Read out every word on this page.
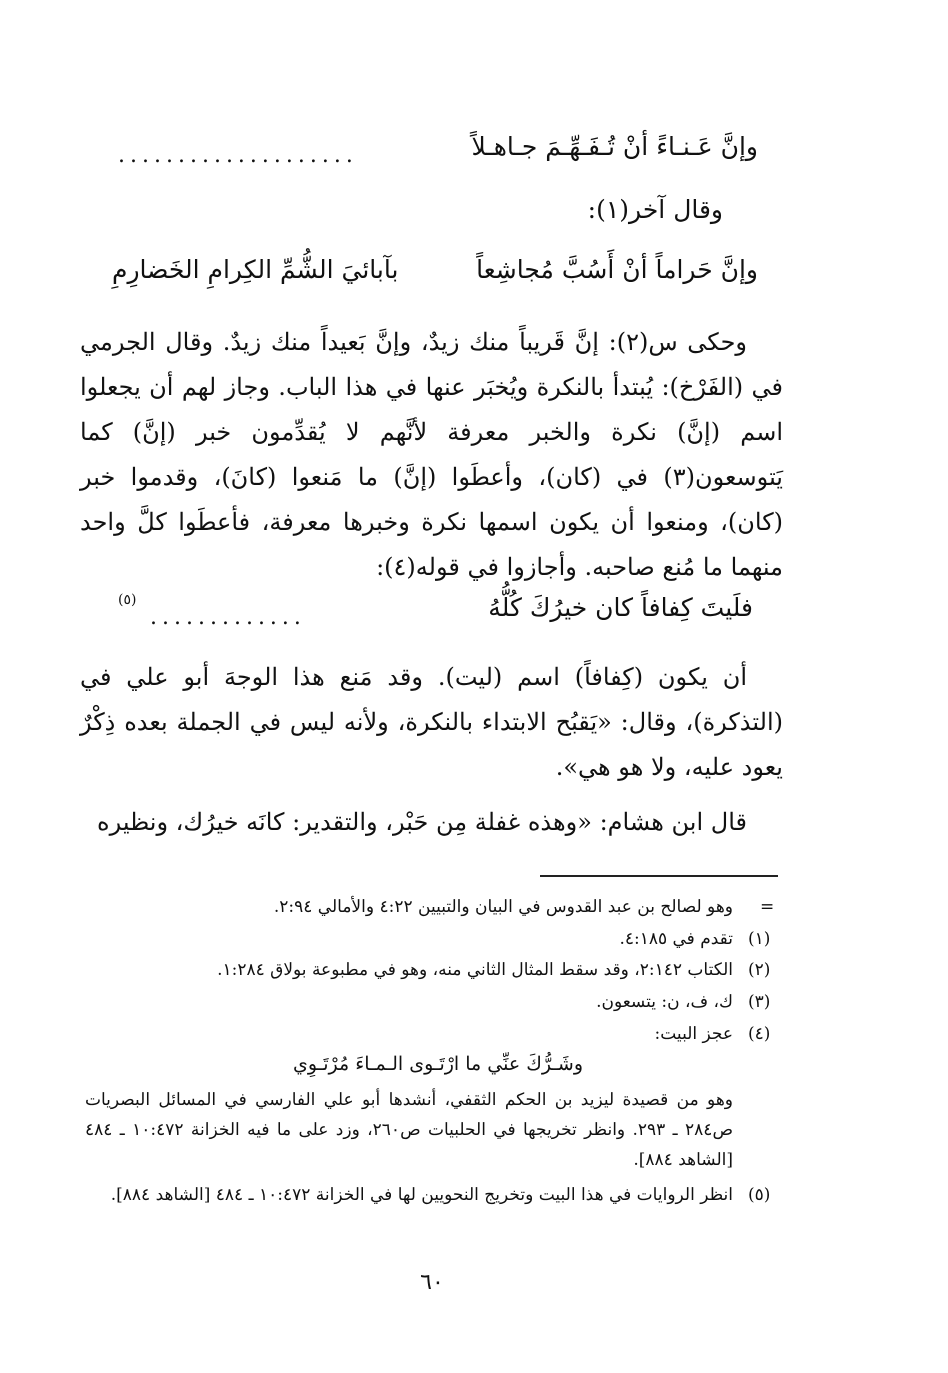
وإنَّ عَـنـاءً أنْ تُـفَـهِّـمَ جـاهـلاً
....................
وقال آخر(١):
وإنَّ حَراماً أنْ أَسُبَّ مُجاشِعاً
بآبائيَ الشُّمِّ الكِرامِ الخَضارِمِ

وحكى س(٢): إنَّ قَريباً منك زيدٌ، وإنَّ بَعيداً منك زيدٌ. وقال الجرمي في (الفَرْخ): يُبتدأ بالنكرة ويُخبَر عنها في هذا الباب. وجاز لهم أن يجعلوا اسم (إنَّ) نكرة والخبر معرفة لأنَّهم لا يُقدِّمون خبر (إنَّ) كما يَتوسعون(٣) في (كان)، وأعطَوا (إنَّ) ما مَنعوا (كانَ)، وقدموا خبر (كان)، ومنعوا أن يكون اسمها نكرة وخبرها معرفة، فأعطَوا كلَّ واحد منهما ما مُنع صاحبه. وأجازوا في قوله(٤):

فلَيتَ كِفافاً كان خيرُكَ كُلُّهُ
.............
(٥)

أن يكون (كِفافاً) اسم (ليت). وقد مَنع هذا الوجهَ أبو علي في (التذكرة)، وقال: «يَقبُح الابتداء بالنكرة، ولأنه ليس في الجملة بعده ذِكْرٌ يعود عليه، ولا هو هي».

قال ابن هشام: «وهذه غفلة مِن حَبْر، والتقدير: كانَه خيرُك، ونظيره

=
وهو لصالح بن عبد القدوس في البيان والتبيين ٤:٢٢ والأمالي ٢:٩٤.
(١)
تقدم في ٤:١٨٥.
(٢)
الكتاب ٢:١٤٢، وقد سقط المثال الثاني منه، وهو في مطبوعة بولاق ١:٢٨٤.
(٣)
ك، ف، ن: يتسعون.
(٤)
عجز البيت:
وشَـرُّكَ عنِّي ما ارْتَـوى الـمـاءَ مُرْتَـوِي

وهو من قصيدة ليزيد بن الحكم الثقفي، أنشدها أبو علي الفارسي في المسائل البصريات ص٢٨٤ ـ ٢٩٣. وانظر تخريجها في الحلبيات ص٢٦٠، وزد على ما فيه الخزانة ١٠:٤٧٢ ـ ٤٨٤ [الشاهد ٨٨٤].

(٥)

انظر الروايات في هذا البيت وتخريج النحويين لها في الخزانة ١٠:٤٧٢ ـ ٤٨٤ [الشاهد ٨٨٤].

٦٠
